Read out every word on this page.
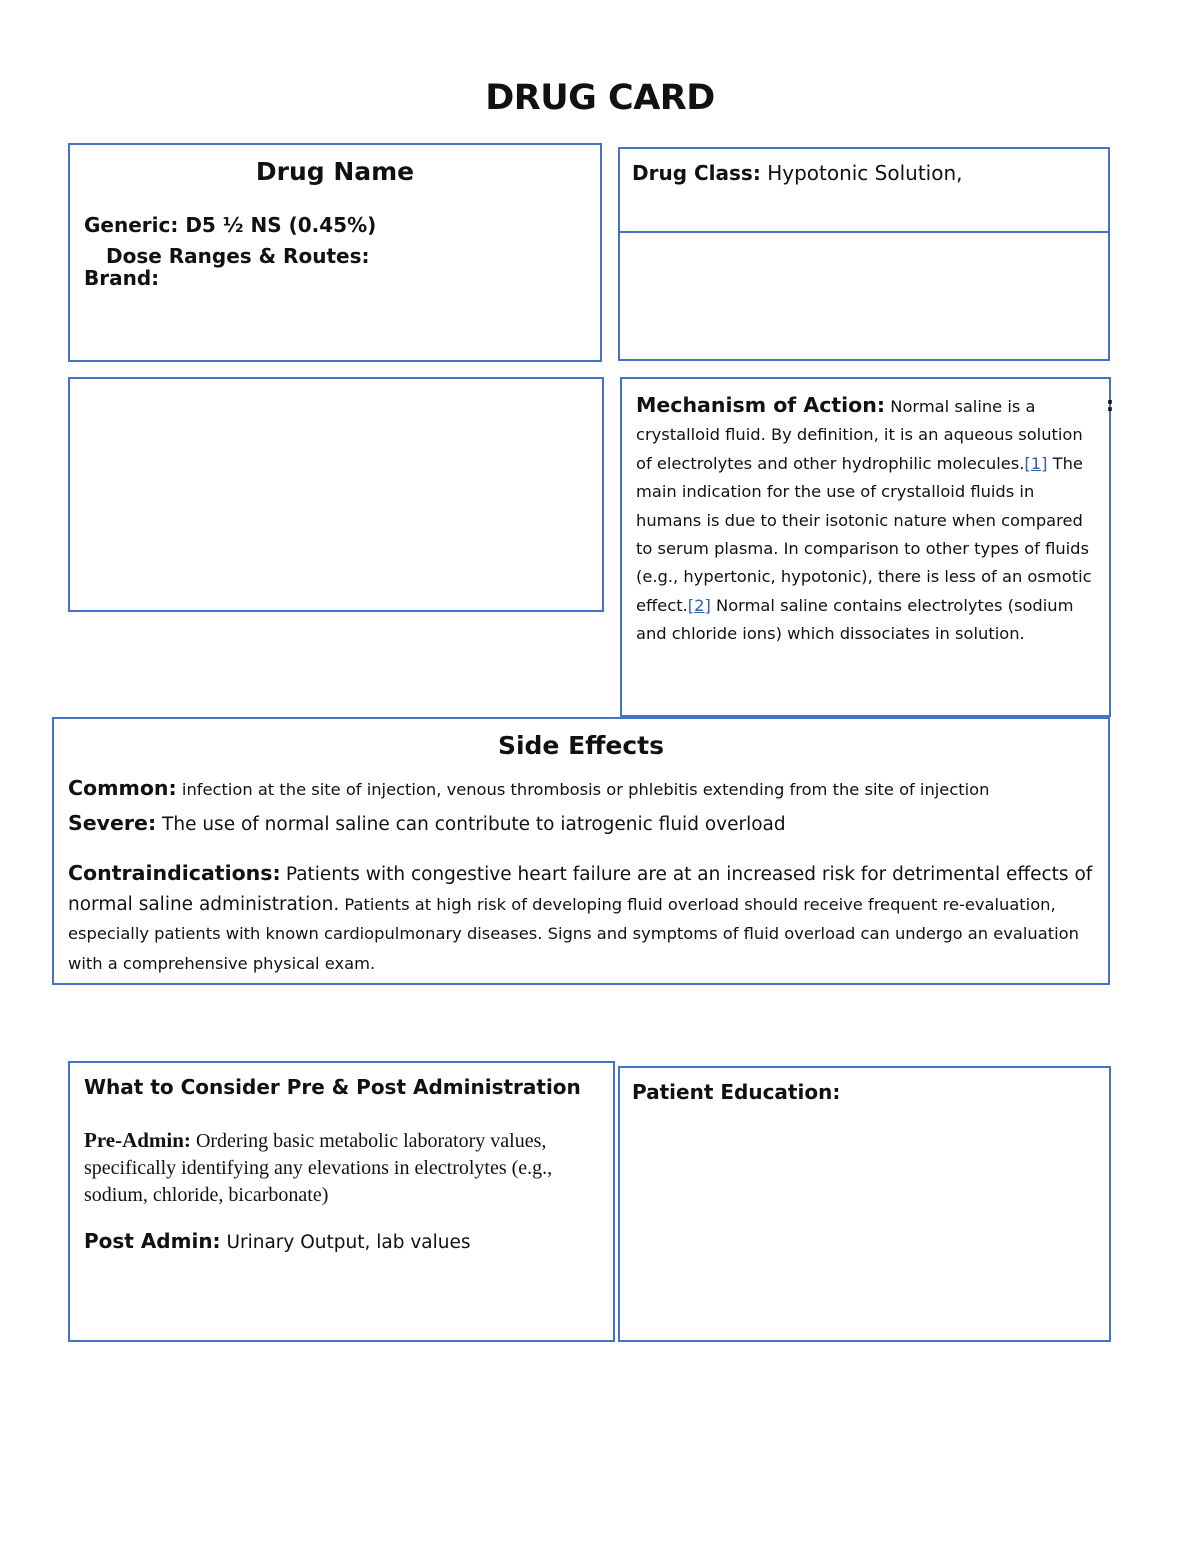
DRUG CARD
Drug Name
Generic: D5 ½ NS (0.45%)
Dose Ranges & Routes:
Brand:
Drug Class: Hypotonic Solution,
Mechanism of Action: Normal saline is a crystalloid fluid. By definition, it is an aqueous solution of electrolytes and other hydrophilic molecules.[1] The main indication for the use of crystalloid fluids in humans is due to their isotonic nature when compared to serum plasma. In comparison to other types of fluids (e.g., hypertonic, hypotonic), there is less of an osmotic effect.[2] Normal saline contains electrolytes (sodium and chloride ions) which dissociates in solution.
:
Side Effects
Common: infection at the site of injection, venous thrombosis or phlebitis extending from the site of injection
Severe: The use of normal saline can contribute to iatrogenic fluid overload
Contraindications: Patients with congestive heart failure are at an increased risk for detrimental effects of normal saline administration. Patients at high risk of developing fluid overload should receive frequent re-evaluation, especially patients with known cardiopulmonary diseases. Signs and symptoms of fluid overload can undergo an evaluation with a comprehensive physical exam.
What to Consider Pre & Post Administration
Pre-Admin: Ordering basic metabolic laboratory values, specifically identifying any elevations in electrolytes (e.g., sodium, chloride, bicarbonate)
Post Admin: Urinary Output, lab values
Patient Education:
